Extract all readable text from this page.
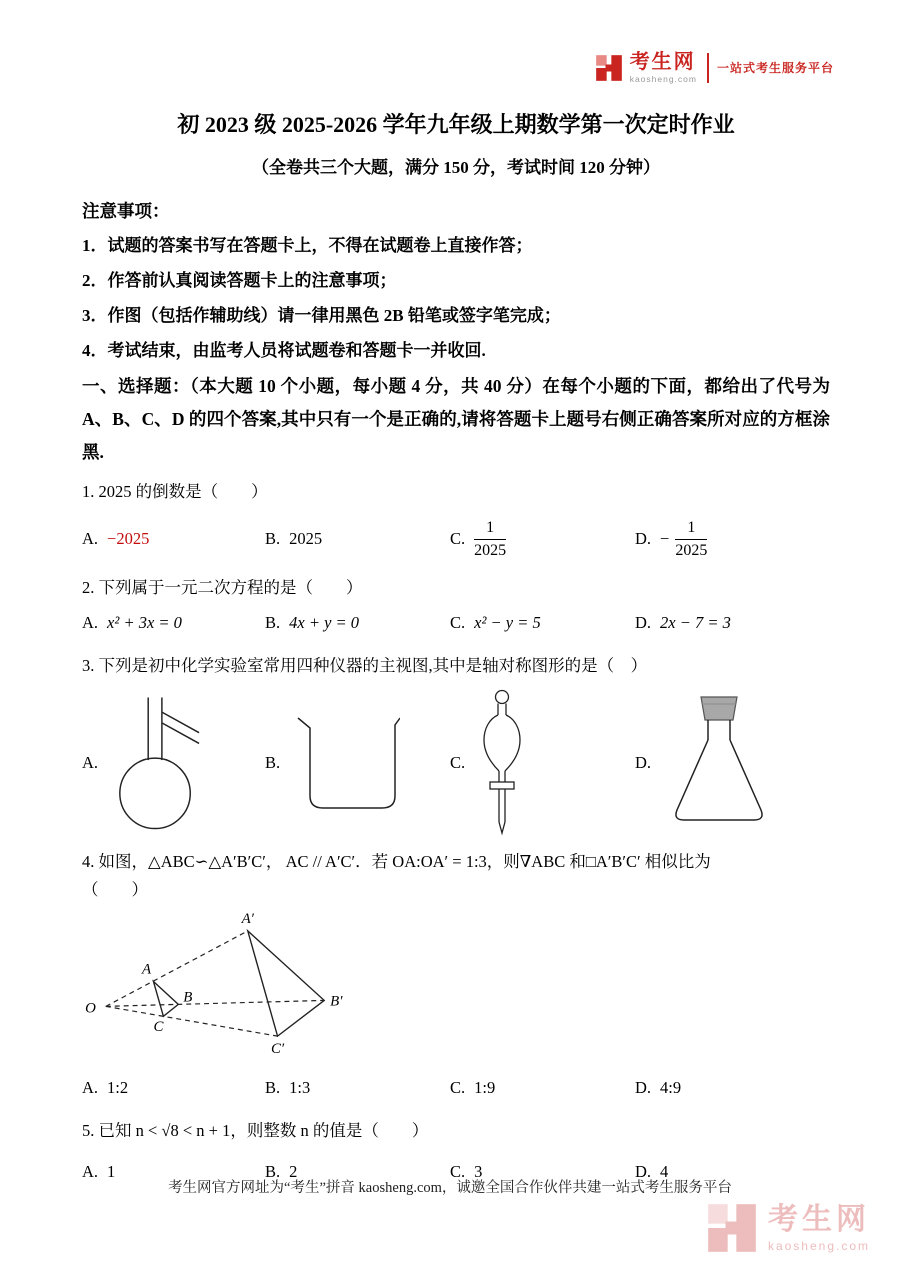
考生网
kaosheng.com
一站式考生服务平台
初 2023 级 2025-2026 学年九年级上期数学第一次定时作业
（全卷共三个大题，满分 150 分，考试时间 120 分钟）
注意事项：
1．试题的答案书写在答题卡上，不得在试题卷上直接作答；
2．作答前认真阅读答题卡上的注意事项；
3．作图（包括作辅助线）请一律用黑色 2B 铅笔或签字笔完成；
4．考试结束，由监考人员将试题卷和答题卡一并收回.

一、选择题：（本大题 10 个小题，每小题 4 分，共 40 分）在每个小题的下面，都给出了代号为 A、B、C、D 的四个答案,其中只有一个是正确的,请将答题卡上题号右侧正确答案所对应的方框涂黑.

1. 2025 的倒数是（　　）
A. −2025	B. 2025	C. $\frac{1}{2025}$	D. − $\frac{1}{2025}$
2. 下列属于一元二次方程的是（　　）
A. x² + 3x = 0	B. 4x + y = 0	C. x² − y = 5	D. 2x − 7 = 3
3. 下列是初中化学实验室常用四种仪器的主视图,其中是轴对称图形的是（　）
A.	B.	C.	D.
4. 如图，△ABC∽△A′B′C′， AC // A′C′．若 OA:OA′ = 1:3，则∇ABC 和□A′B′C′ 相似比为
（　　）
O
A
B
C
A′
B′
C′
A. 1:2	B. 1:3	C. 1:9	D. 4:9
5. 已知 n < √8 < n + 1，则整数 n 的值是（　　）
A. 1	B. 2	C. 3	D. 4
考生网官方网址为“考生”拼音 kaosheng.com，诚邀全国合作伙伴共建一站式考生服务平台
考生网
kaosheng.com
